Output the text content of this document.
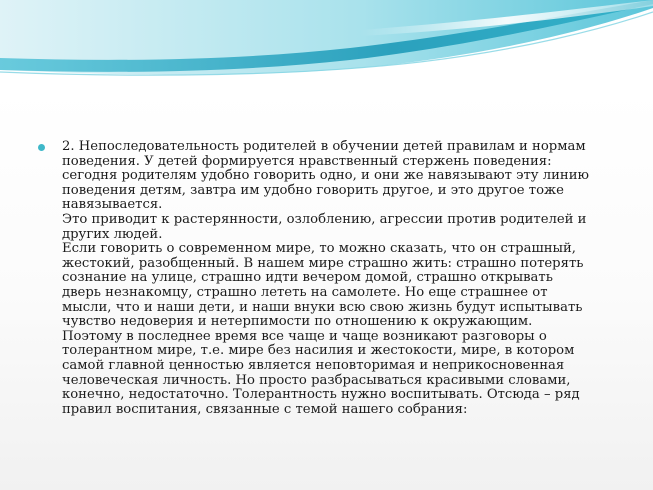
2. Непоследовательность родителей в обучении детей правилам и нормам
поведения. У детей формируется нравственный стержень поведения:
сегодня родителям удобно говорить одно, и они же навязывают эту линию
поведения детям, завтра им удобно говорить другое, и это другое тоже
навязывается.
Это приводит к растерянности, озлоблению, агрессии против родителей и
других людей.
Если говорить о современном мире, то можно сказать, что он страшный,
жестокий, разобщенный. В нашем мире страшно жить: страшно потерять
сознание на улице, страшно идти вечером домой, страшно открывать
дверь незнакомцу, страшно лететь на самолете. Но еще страшнее от
мысли, что и наши дети, и наши внуки всю свою жизнь будут испытывать
чувство недоверия и нетерпимости по отношению к окружающим.
Поэтому в последнее время все чаще и чаще возникают разговоры о
толерантном мире, т.е. мире без насилия и жестокости, мире, в котором
самой главной ценностью является неповторимая и неприкосновенная
человеческая личность. Но просто разбрасываться красивыми словами,
конечно, недостаточно. Толерантность нужно воспитывать. Отсюда – ряд
правил воспитания, связанные с темой нашего собрания:
